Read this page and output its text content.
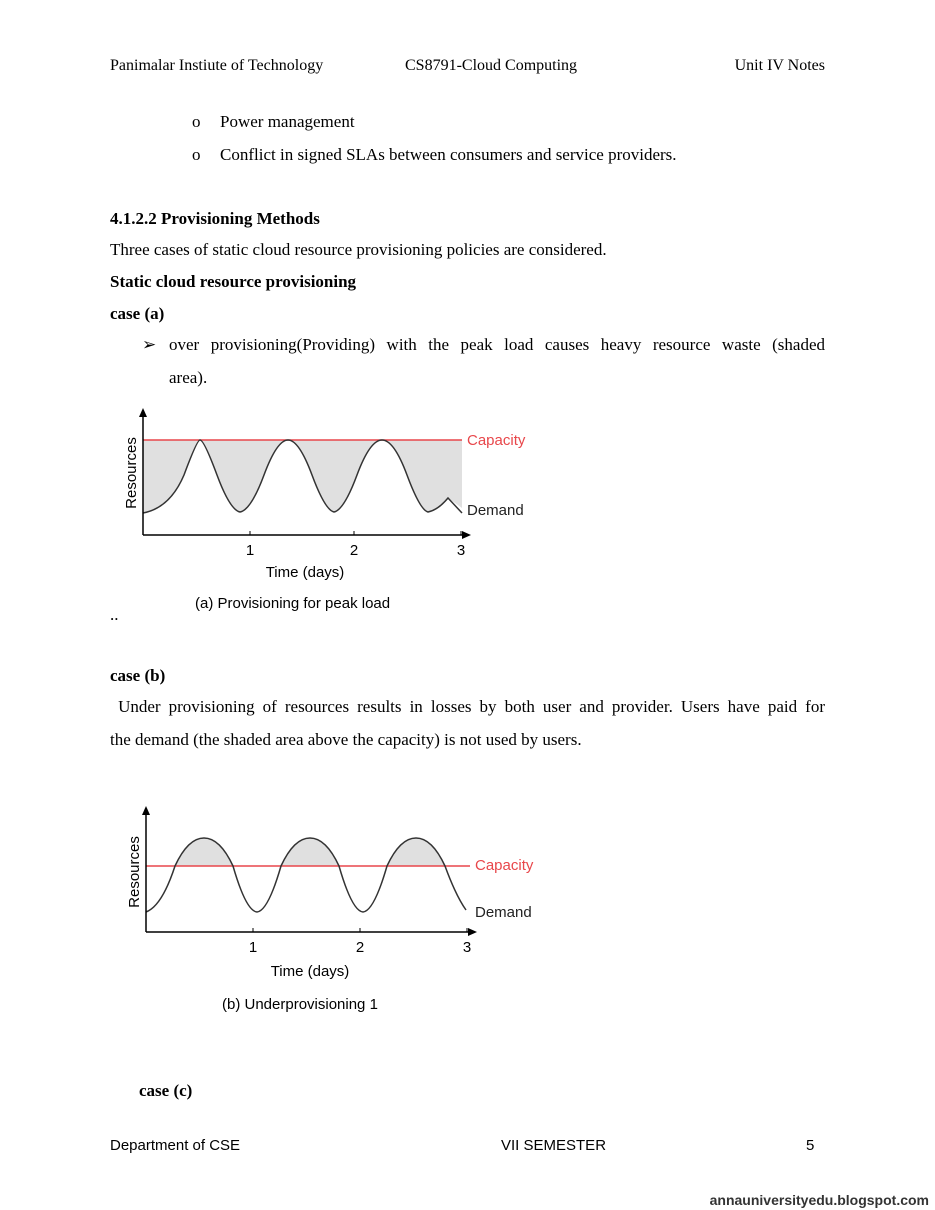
Panimalar Instiute of Technology	CS8791-Cloud Computing	Unit IV Notes
o Power management
o Conflict in signed SLAs between consumers and service providers.
4.1.2.2 Provisioning Methods
Three cases of static cloud resource provisioning policies are considered.
Static cloud resource provisioning
case (a)
➢ over provisioning(Providing) with the peak load causes heavy resource waste (shaded
area).
1	2	3
Time (days)
Resources	Capacity
Demand
(a) Provisioning for peak load
..
case (b)
Under provisioning of resources results in losses by both user and provider. Users have paid for
the demand (the shaded area above the capacity) is not used by users.
1	2	3
Time (days)
Resources	Capacity
Demand
(b) Underprovisioning 1
case (c)
Department of CSE	VII SEMESTER	5
annauniversityedu.blogspot.com
